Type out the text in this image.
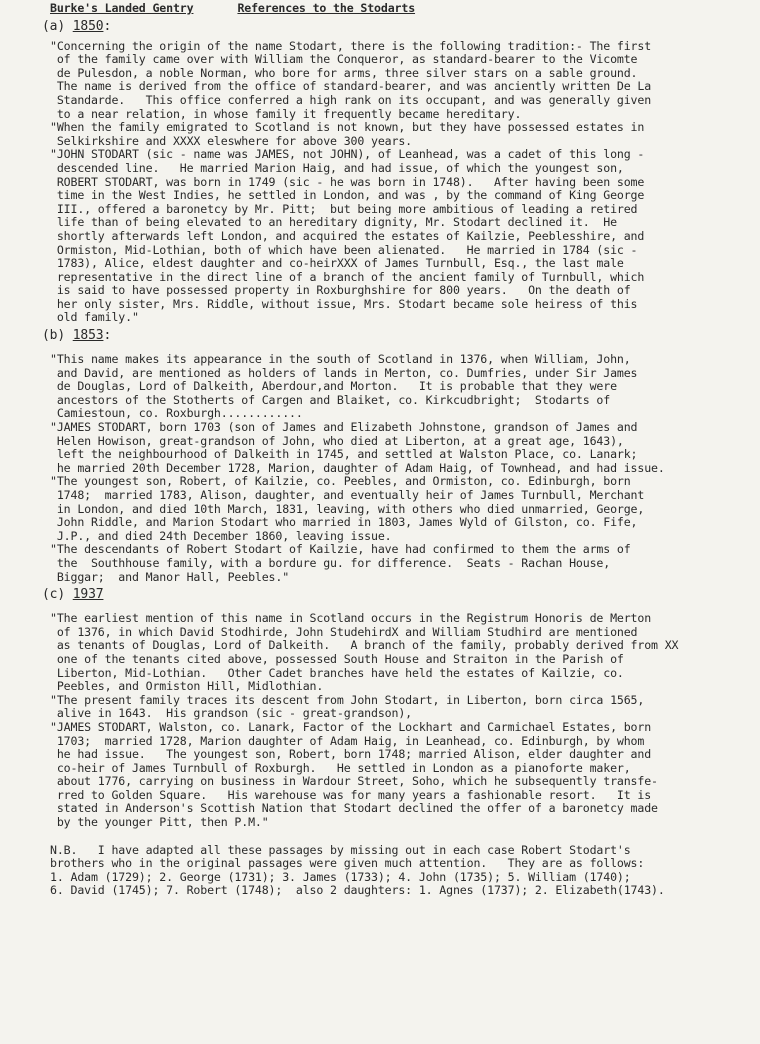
Burke's Landed Gentry	References to the Stodarts
(a) 1850:

"Concerning the origin of the name Stodart, there is the following tradition:- The first
of the family came over with William the Conqueror, as standard-bearer to the Vicomte
de Pulesdon, a noble Norman, who bore for arms, three silver stars on a sable ground.
The name is derived from the office of standard-bearer, and was anciently written De La
Standarde.   This office conferred a high rank on its occupant, and was generally given
to a near relation, in whose family it frequently became hereditary.

"When the family emigrated to Scotland is not known, but they have possessed estates in
Selkirkshire and XXXX eleswhere for above 300 years.

"JOHN STODART (sic - name was JAMES, not JOHN), of Leanhead, was a cadet of this long -
descended line.   He married Marion Haig, and had issue, of which the youngest son,
ROBERT STODART, was born in 1749 (sic - he was born in 1748).   After having been some
time in the West Indies, he settled in London, and was , by the command of King George
III., offered a baronetcy by Mr. Pitt;  but being more ambitious of leading a retired
life than of being elevated to an hereditary dignity, Mr. Stodart declined it.  He
shortly afterwards left London, and acquired the estates of Kailzie, Peeblesshire, and
Ormiston, Mid-Lothian, both of which have been alienated.   He married in 1784 (sic -
1783), Alice, eldest daughter and co-heirXXX of James Turnbull, Esq., the last male
representative in the direct line of a branch of the ancient family of Turnbull, which
is said to have possessed property in Roxburghshire for 800 years.   On the death of
her only sister, Mrs. Riddle, without issue, Mrs. Stodart became sole heiress of this
old family."

(b) 1853:

"This name makes its appearance in the south of Scotland in 1376, when William, John,
and David, are mentioned as holders of lands in Merton, co. Dumfries, under Sir James
de Douglas, Lord of Dalkeith, Aberdour,and Morton.   It is probable that they were
ancestors of the Stotherts of Cargen and Blaiket, co. Kirkcudbright;  Stodarts of
Camiestoun, co. Roxburgh............

"JAMES STODART, born 1703 (son of James and Elizabeth Johnstone, grandson of James and
Helen Howison, great-grandson of John, who died at Liberton, at a great age, 1643),
left the neighbourhood of Dalkeith in 1745, and settled at Walston Place, co. Lanark;
he married 20th December 1728, Marion, daughter of Adam Haig, of Townhead, and had issue.

"The youngest son, Robert, of Kailzie, co. Peebles, and Ormiston, co. Edinburgh, born
1748;  married 1783, Alison, daughter, and eventually heir of James Turnbull, Merchant
in London, and died 10th March, 1831, leaving, with others who died unmarried, George,
John Riddle, and Marion Stodart who married in 1803, James Wyld of Gilston, co. Fife,
J.P., and died 24th December 1860, leaving issue.

"The descendants of Robert Stodart of Kailzie, have had confirmed to them the arms of
the  Southhouse family, with a bordure gu. for difference.  Seats - Rachan House,
Biggar;  and Manor Hall, Peebles."

(c) 1937

"The earliest mention of this name in Scotland occurs in the Registrum Honoris de Merton
of 1376, in which David Stodhirde, John StudehirdX and William Studhird are mentioned
as tenants of Douglas, Lord of Dalkeith.   A branch of the family, probably derived from XX
one of the tenants cited above, possessed South House and Straiton in the Parish of
Liberton, Mid-Lothian.   Other Cadet branches have held the estates of Kailzie, co.
Peebles, and Ormiston Hill, Midlothian.

"The present family traces its descent from John Stodart, in Liberton, born circa 1565,
alive in 1643.  His grandson (sic - great-grandson),

"JAMES STODART, Walston, co. Lanark, Factor of the Lockhart and Carmichael Estates, born
1703;  married 1728, Marion daughter of Adam Haig, in Leanhead, co. Edinburgh, by whom
he had issue.   The youngest son, Robert, born 1748; married Alison, elder daughter and
co-heir of James Turnbull of Roxburgh.   He settled in London as a pianoforte maker,
about 1776, carrying on business in Wardour Street, Soho, which he subsequently transfe-
rred to Golden Square.   His warehouse was for many years a fashionable resort.   It is
stated in Anderson's Scottish Nation that Stodart declined the offer of a baronetcy made
by the younger Pitt, then P.M."

N.B.   I have adapted all these passages by missing out in each case Robert Stodart's
brothers who in the original passages were given much attention.   They are as follows:
1. Adam (1729); 2. George (1731); 3. James (1733); 4. John (1735); 5. William (1740);
6. David (1745); 7. Robert (1748);  also 2 daughters: 1. Agnes (1737); 2. Elizabeth(1743).
